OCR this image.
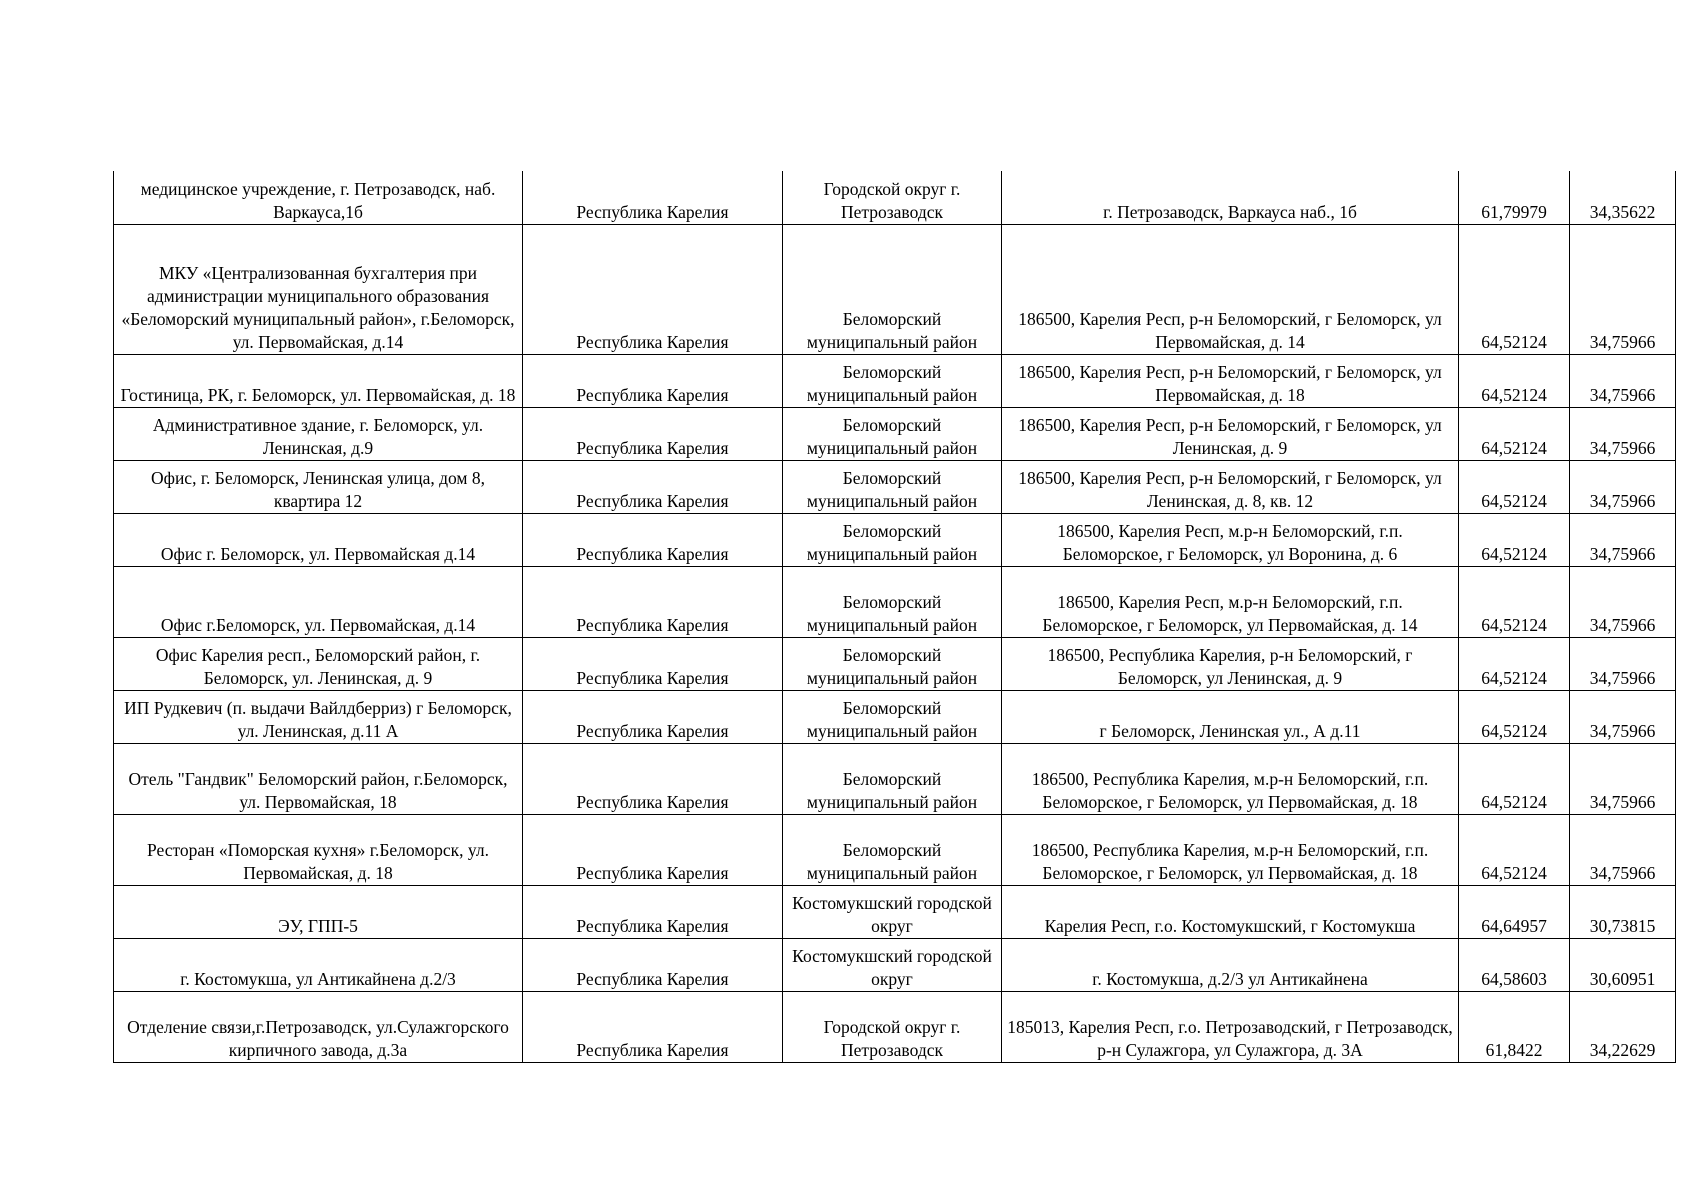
медицинское учреждение, г. Петрозаводск, наб. Варкауса,1б	Республика Карелия	Городской округ г. Петрозаводск	г. Петрозаводск, Варкауса наб., 1б	61,79979	34,35622
МКУ «Централизованная бухгалтерия при администрации муниципального образования «Беломорский муниципальный район», г.Беломорск, ул. Первомайская, д.14	Республика Карелия	Беломорский муниципальный район	186500, Карелия Респ, р-н Беломорский, г Беломорск, ул Первомайская, д. 14	64,52124	34,75966
Гостиница, РК, г. Беломорск, ул. Первомайская, д. 18	Республика Карелия	Беломорский муниципальный район	186500, Карелия Респ, р-н Беломорский, г Беломорск, ул Первомайская, д. 18	64,52124	34,75966
Административное здание, г. Беломорск, ул. Ленинская, д.9	Республика Карелия	Беломорский муниципальный район	186500, Карелия Респ, р-н Беломорский, г Беломорск, ул Ленинская, д. 9	64,52124	34,75966
Офис, г. Беломорск, Ленинская улица, дом 8, квартира 12	Республика Карелия	Беломорский муниципальный район	186500, Карелия Респ, р-н Беломорский, г Беломорск, ул Ленинская, д. 8, кв. 12	64,52124	34,75966
Офис г. Беломорск, ул. Первомайская д.14	Республика Карелия	Беломорский муниципальный район	186500, Карелия Респ, м.р-н Беломорский, г.п. Беломорское, г Беломорск, ул Воронина, д. 6	64,52124	34,75966
Офис г.Беломорск, ул. Первомайская, д.14	Республика Карелия	Беломорский муниципальный район	186500, Карелия Респ, м.р-н Беломорский, г.п. Беломорское, г Беломорск, ул Первомайская, д. 14	64,52124	34,75966
Офис Карелия респ., Беломорский район, г. Беломорск, ул. Ленинская, д. 9	Республика Карелия	Беломорский муниципальный район	186500, Республика Карелия, р-н Беломорский, г Беломорск, ул Ленинская, д. 9	64,52124	34,75966
ИП Рудкевич (п. выдачи Вайлдберриз) г Беломорск, ул. Ленинская, д.11 А	Республика Карелия	Беломорский муниципальный район	г Беломорск, Ленинская ул., А д.11	64,52124	34,75966
Отель "Гандвик" Беломорский район, г.Беломорск, ул. Первомайская, 18	Республика Карелия	Беломорский муниципальный район	186500, Республика Карелия, м.р-н Беломорский, г.п. Беломорское, г Беломорск, ул Первомайская, д. 18	64,52124	34,75966
Ресторан «Поморская кухня» г.Беломорск, ул. Первомайская, д. 18	Республика Карелия	Беломорский муниципальный район	186500, Республика Карелия, м.р-н Беломорский, г.п. Беломорское, г Беломорск, ул Первомайская, д. 18	64,52124	34,75966
ЭУ, ГПП-5	Республика Карелия	Костомукшский городской округ	Карелия Респ, г.о. Костомукшский, г Костомукша	64,64957	30,73815
г. Костомукша, ул Антикайнена д.2/3	Республика Карелия	Костомукшский городской округ	г. Костомукша, д.2/3 ул Антикайнена	64,58603	30,60951
Отделение связи,г.Петрозаводск, ул.Сулажгорского кирпичного завода, д.3а	Республика Карелия	Городской округ г. Петрозаводск	185013, Карелия Респ, г.о. Петрозаводский, г Петрозаводск, р-н Сулажгора, ул Сулажгора, д. 3А	61,8422	34,22629
